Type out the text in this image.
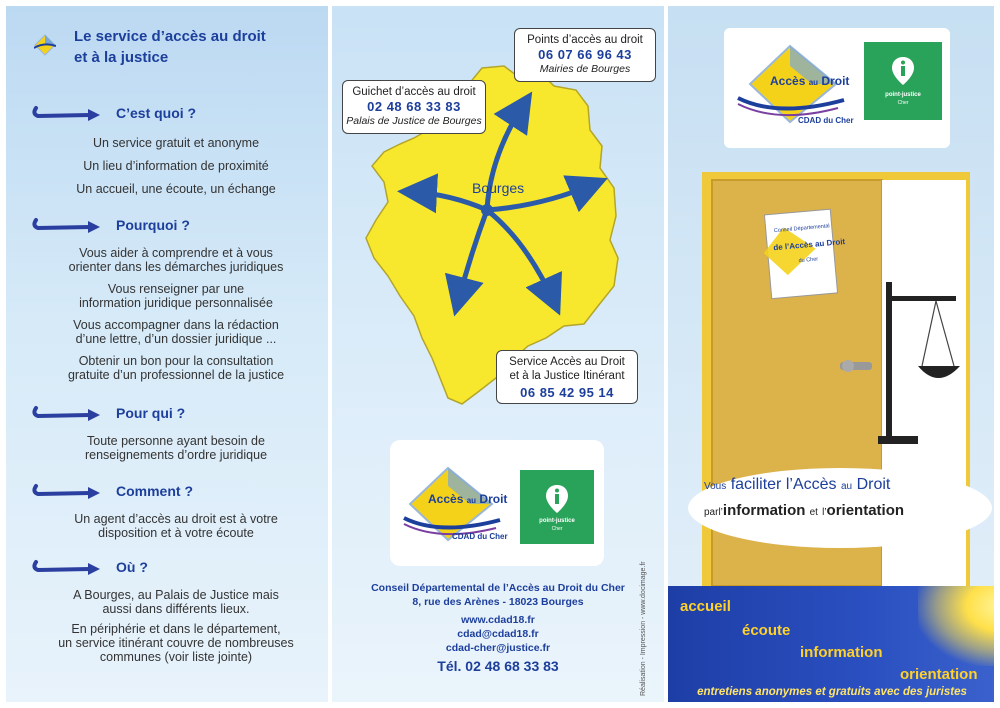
Le service d’accès au droit
et à la justice
C’est quoi ?
Un service gratuit et anonyme
Un lieu d’information de proximité
Un accueil, une écoute, un échange
Pourquoi ?
Vous aider à comprendre et à vous
orienter dans les démarches juridiques
Vous renseigner par une
information juridique personnalisée
Vous accompagner dans la rédaction
d’une lettre, d’un dossier juridique ...
Obtenir un bon pour la consultation
gratuite d’un professionnel de la justice
Pour qui ?
Toute personne ayant besoin de
renseignements d’ordre juridique
Comment ?
Un agent d’accès au droit est à votre
disposition et à votre écoute
Où ?
A Bourges, au Palais de Justice mais
aussi dans différents lieux.
En périphérie et dans le département,
un service itinérant couvre de nombreuses
communes (voir liste jointe)
Bourges
Points d’accès au droit
06 07 66 96 43
Mairies de Bourges
Guichet d’accès au droit
02 48 68 33 83
Palais de Justice de Bourges
Service Accès au Droit
et à la Justice Itinérant
06 85 42 95 14
Accès au Droit
CDAD du Cher
point-justice
Cher
Conseil Départemental de l’Accès au Droit du Cher
8, rue des Arènes - 18023 Bourges
www.cdad18.fr
cdad@cdad18.fr
cdad-cher@justice.fr
Tél. 02 48 68 33 83	Réalisation - Impression - www.docimage.fr
Accès au Droit
CDAD du Cher
point-justice
Cher
Conseil Départemental
de l’Accès au Droit
du Cher
Vous faciliter l’Accès au Droit
parl’information et l’orientation
accueil
écoute
information
orientation
entretiens anonymes et gratuits avec des juristes
